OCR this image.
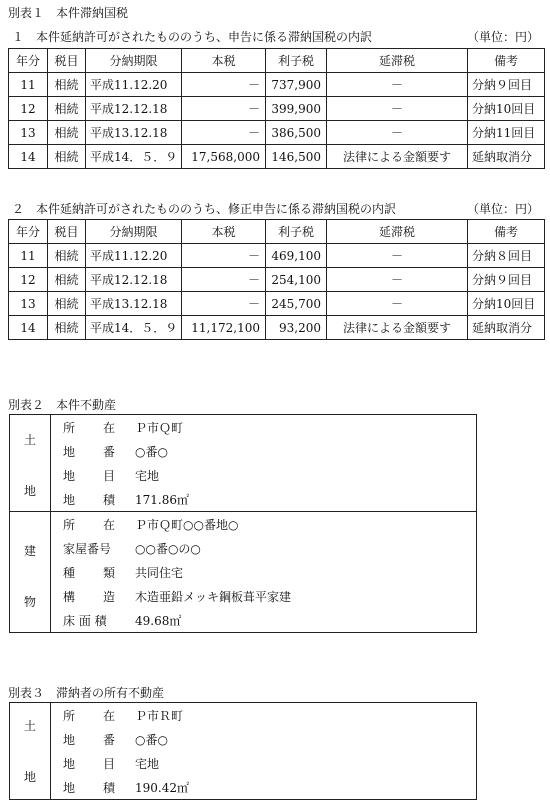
別表１　本件滞納国税
１　本件延納許可がされたもののうち、申告に係る滞納国税の内訳	（単位：円）
年分	税目	分納期限	本税	利子税	延滞税	備考
11	相続	平成11.12.20	－	737,900	－	分納９回目
12	相続	平成12.12.18	－	399,900	－	分納10回目
13	相続	平成13.12.18	－	386,500	－	分納11回目
14	相続	平成14．５．９	17,568,000	146,500	法律による金額要す	延納取消分
２　本件延納許可がされたもののうち、修正申告に係る滞納国税の内訳	（単位：円）
年分	税目	分納期限	本税	利子税	延滞税	備考
11	相続	平成11.12.20	－	469,100	－	分納８回目
12	相続	平成12.12.18	－	254,100	－	分納９回目
13	相続	平成13.12.18	－	245,700	－	分納10回目
14	相続	平成14．５．９	11,172,100	93,200	法律による金額要す	延納取消分
別表２　本件不動産
土
地	所 在	Ｐ市Ｑ町
	地 番	○番○
	地 目	宅地
	地 積	171.86㎡

建
物	所 在	Ｐ市Ｑ町○○番地○
	家屋番号	○○番○の○
	種 類	共同住宅
	構 造	木造亜鉛メッキ鋼板葺平家建
	床 面 積	49.68㎡
別表３　滞納者の所有不動産
土
地	所 在	Ｐ市Ｒ町
	地 番	○番○
	地 目	宅地
	地 積	190.42㎡
